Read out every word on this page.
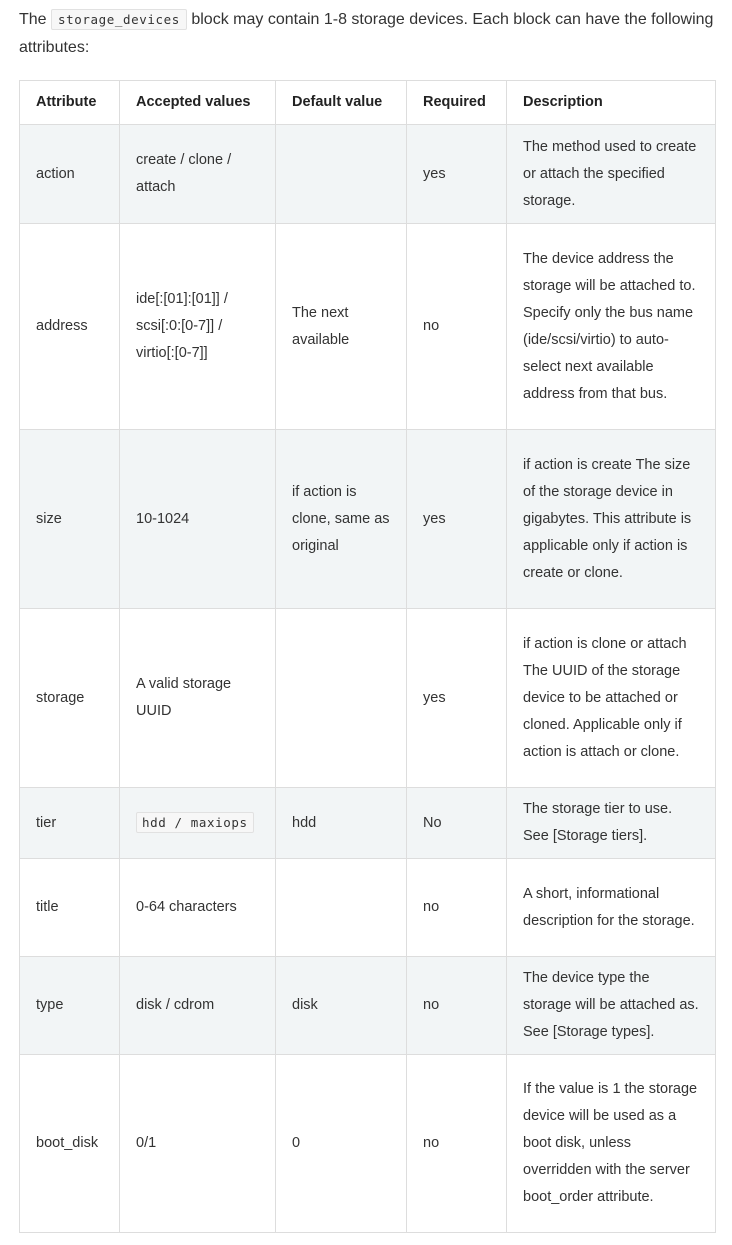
The storage_devices block may contain 1-8 storage devices. Each block can have the following attributes:

Attribute	Accepted values	Default value	Required	Description
action	create / clone / attach		yes	The method used to create or attach the specified storage.
address	ide[:[01]:[01]] / scsi[:0:[0-7]] / virtio[:[0-7]]	The next available	no	The device address the storage will be attached to. Specify only the bus name (ide/scsi/virtio) to auto-select next available address from that bus.
size	10-1024	if action is clone, same as original	yes	if action is create The size of the storage device in gigabytes. This attribute is applicable only if action is create or clone.
storage	A valid storage UUID		yes	if action is clone or attach The UUID of the storage device to be attached or cloned. Applicable only if action is attach or clone.
tier	hdd / maxiops	hdd	No	The storage tier to use. See [Storage tiers].
title	0-64 characters		no	A short, informational description for the storage.
type	disk / cdrom	disk	no	The device type the storage will be attached as. See [Storage types].
boot_disk	0/1	0	no	If the value is 1 the storage device will be used as a boot disk, unless overridden with the server boot_order attribute.
